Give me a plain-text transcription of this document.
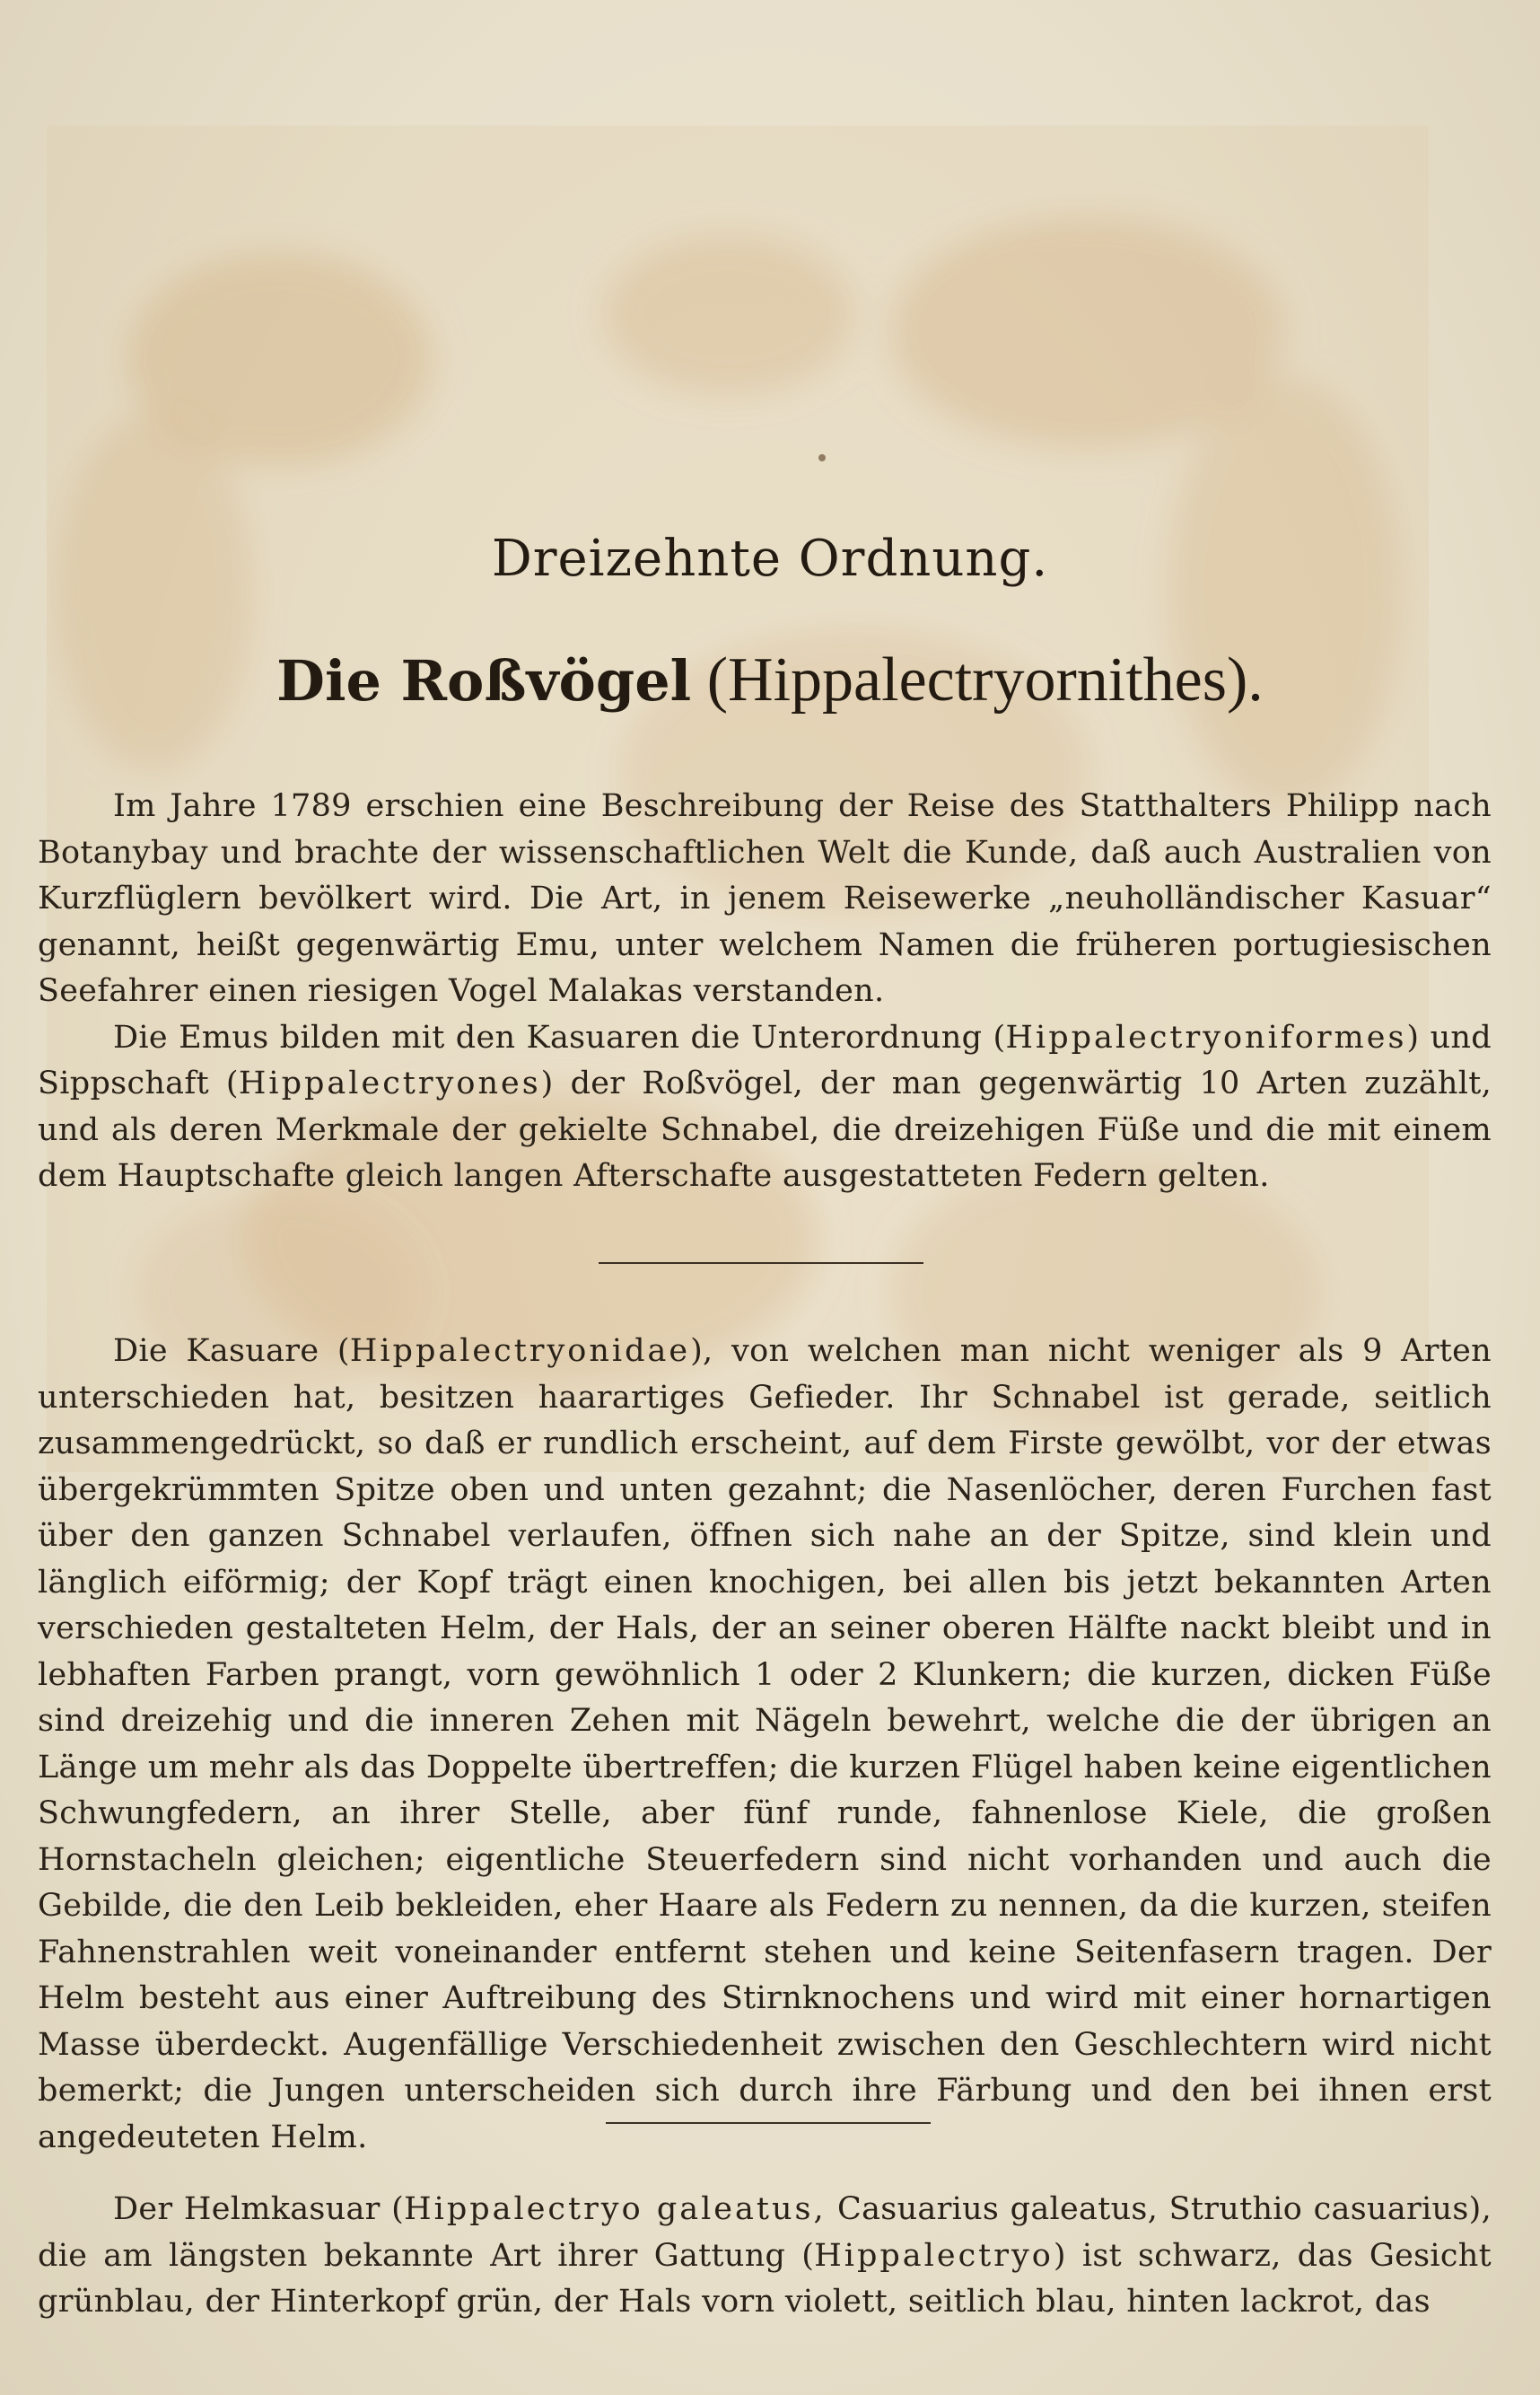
Dreizehnte Ordnung.
Die Roßvögel (Hippalectryornithes).

Im Jahre 1789 erschien eine Beschreibung der Reise des Statthalters Philipp nach Botanybay und brachte der wissenschaftlichen Welt die Kunde, daß auch Australien von Kurzflüglern bevölkert wird. Die Art, in jenem Reisewerke „neuholländischer Kasuar“ genannt, heißt gegenwärtig Emu, unter welchem Namen die früheren portugiesischen Seefahrer einen riesigen Vogel Malakas verstanden.

Die Emus bilden mit den Kasuaren die Unterordnung (Hippalectryoniformes) und Sippschaft (Hippalectryones) der Roßvögel, der man gegenwärtig 10 Arten zuzählt, und als deren Merkmale der gekielte Schnabel, die dreizehigen Füße und die mit einem dem Hauptschafte gleich langen Afterschafte ausgestatteten Federn gelten.

Die Kasuare (Hippalectryonidae), von welchen man nicht weniger als 9 Arten unterschieden hat, besitzen haarartiges Gefieder. Ihr Schnabel ist gerade, seitlich zusammengedrückt, so daß er rundlich erscheint, auf dem Firste gewölbt, vor der etwas übergekrümmten Spitze oben und unten gezahnt; die Nasenlöcher, deren Furchen fast über den ganzen Schnabel verlaufen, öffnen sich nahe an der Spitze, sind klein und länglich eiförmig; der Kopf trägt einen knochigen, bei allen bis jetzt bekannten Arten verschieden gestalteten Helm, der Hals, der an seiner oberen Hälfte nackt bleibt und in lebhaften Farben prangt, vorn gewöhnlich 1 oder 2 Klunkern; die kurzen, dicken Füße sind dreizehig und die inneren Zehen mit Nägeln bewehrt, welche die der übrigen an Länge um mehr als das Doppelte übertreffen; die kurzen Flügel haben keine eigentlichen Schwungfedern, an ihrer Stelle, aber fünf runde, fahnenlose Kiele, die großen Hornstacheln gleichen; eigentliche Steuerfedern sind nicht vorhanden und auch die Gebilde, die den Leib bekleiden, eher Haare als Federn zu nennen, da die kurzen, steifen Fahnenstrahlen weit voneinander entfernt stehen und keine Seitenfasern tragen. Der Helm besteht aus einer Auftreibung des Stirnknochens und wird mit einer hornartigen Masse überdeckt. Augenfällige Verschiedenheit zwischen den Geschlechtern wird nicht bemerkt; die Jungen unterscheiden sich durch ihre Färbung und den bei ihnen erst angedeuteten Helm.

Der Helmkasuar (Hippalectryo galeatus, Casuarius galeatus, Struthio casuarius), die am längsten bekannte Art ihrer Gattung (Hippalectryo) ist schwarz, das Gesicht grünblau, der Hinterkopf grün, der Hals vorn violett, seitlich blau, hinten lackrot, das
